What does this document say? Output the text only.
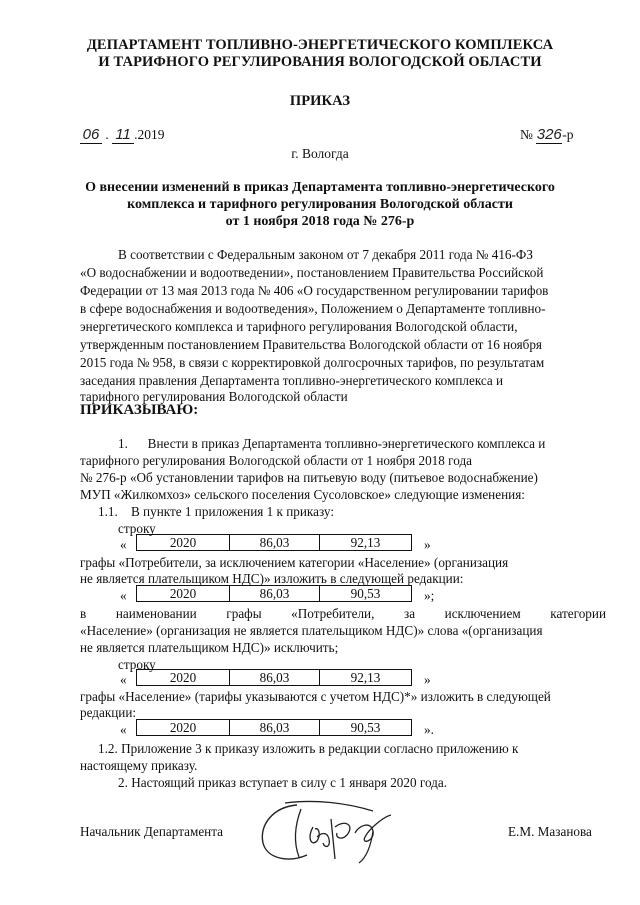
ДЕПАРТАМЕНТ ТОПЛИВНО-ЭНЕРГЕТИЧЕСКОГО КОМПЛЕКСА
И ТАРИФНОГО РЕГУЛИРОВАНИЯ ВОЛОГОДСКОЙ ОБЛАСТИ
ПРИКАЗ
06 . 11 .2019	№ 326-р
г. Вологда
О внесении изменений в приказ Департамента топливно-энергетического
комплекса и тарифного регулирования Вологодской области
от 1 ноября 2018 года № 276-р
В соответствии с Федеральным законом от 7 декабря 2011 года № 416-ФЗ
«О водоснабжении и водоотведении», постановлением Правительства Российской
Федерации от 13 мая 2013 года № 406 «О государственном регулировании тарифов
в сфере водоснабжения и водоотведения», Положением о Департаменте топливно-
энергетического комплекса и тарифного регулирования Вологодской области,
утвержденным постановлением Правительства Вологодской области от 16 ноября
2015 года № 958, в связи с корректировкой долгосрочных тарифов, по результатам
заседания правления Департамента топливно-энергетического комплекса и
тарифного регулирования Вологодской области
ПРИКАЗЫВАЮ:
1.      Внести в приказ Департамента топливно-энергетического комплекса и
тарифного регулирования Вологодской области от 1 ноября 2018 года
№ 276-р «Об установлении тарифов на питьевую воду (питьевое водоснабжение)
МУП «Жилкомхоз» сельского поселения Сусоловское» следующие изменения:
1.1.    В пункте 1 приложения 1 к приказу:
строку
«	2020	86,03	92,13	»
графы «Потребители, за исключением категории «Население» (организация
не является плательщиком НДС)» изложить в следующей редакции:
«	2020	86,03	90,53	»;
в наименовании графы «Потребители, за исключением категории
«Население» (организация не является плательщиком НДС)» слова «(организация
не является плательщиком НДС)» исключить;
строку
«	2020	86,03	92,13	»
графы «Население» (тарифы указываются с учетом НДС)*» изложить в следующей
редакции:
«	2020	86,03	90,53	».
1.2. Приложение 3 к приказу изложить в редакции согласно приложению к
настоящему приказу.
2. Настоящий приказ вступает в силу с 1 января 2020 года.
Начальник Департамента	Е.М. Мазанова
